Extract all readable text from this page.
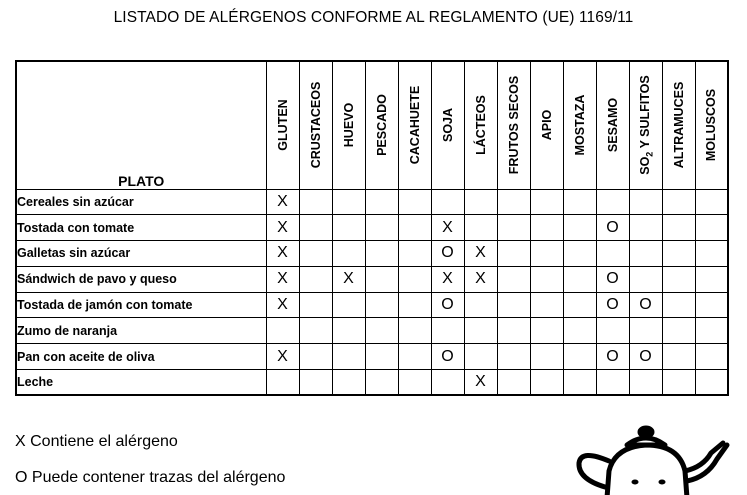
LISTADO DE ALÉRGENOS CONFORME AL REGLAMENTO (UE) 1169/11
PLATO	GLUTEN	CRUSTACEOS	HUEVO	PESCADO	CACAHUETE	SOJA	LÁCTEOS	FRUTOS SECOS	APIO	MOSTAZA	SESAMO	$SO_2$ Y SULFITOS	ALTRAMUCES	MOLUSCOS

Cereales sin azúcar	X													
Tostada con tomate	X					X					O			
Galletas sin azúcar	X					O	X							
Sándwich de pavo y queso	X		X			X	X				O			
Tostada de jamón con tomate	X					O					O	O		
Zumo de naranja														
Pan con aceite de oliva	X					O					O	O		
Leche							X							
X Contiene el alérgeno
O Puede contener trazas del alérgeno
